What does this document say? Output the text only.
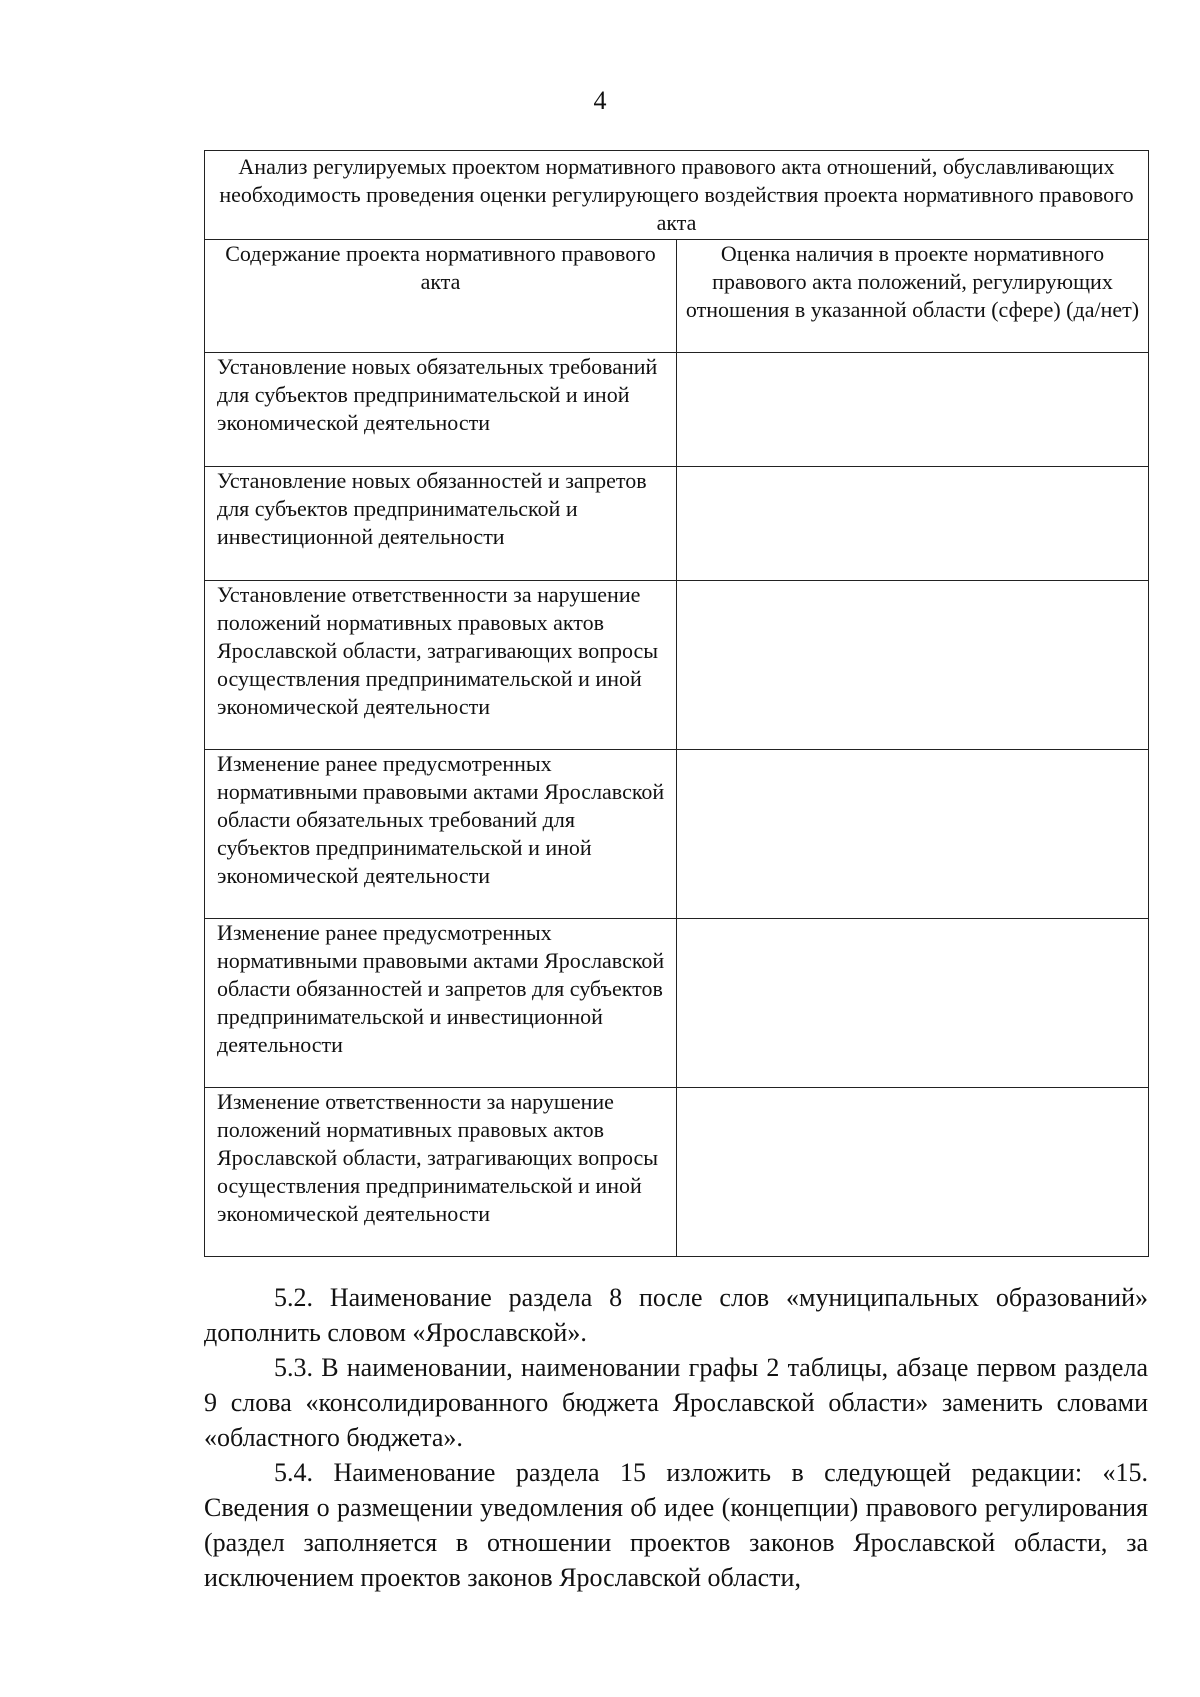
4
Анализ регулируемых проектом нормативного правового акта отношений, обуславливающих необходимость проведения оценки регулирующего воздействия проекта нормативного правового акта	
Содержание проекта нормативного правового акта	Оценка наличия в проекте нормативного правового акта положений, регулирующих отношения в указанной области (сфере) (да/нет)
Установление новых обязательных требований для субъектов предпринимательской и иной экономической деятельности	
Установление новых обязанностей и запретов для субъектов предпринимательской и инвестиционной деятельности	
Установление ответственности за нарушение положений нормативных правовых актов Ярославской области, затрагивающих вопросы осуществления предпринимательской и иной экономической деятельности	
Изменение ранее предусмотренных нормативными правовыми актами Ярославской области обязательных требований для субъектов предпринимательской и иной экономической деятельности	
Изменение ранее предусмотренных нормативными правовыми актами Ярославской области обязанностей и запретов для субъектов предпринимательской и инвестиционной деятельности	
Изменение ответственности за нарушение положений нормативных правовых актов Ярославской области, затрагивающих вопросы осуществления предпринимательской и иной экономической деятельности	

5.2. Наименование раздела 8 после слов «муниципальных образований» дополнить словом «Ярославской».

5.3. В наименовании, наименовании графы 2 таблицы, абзаце первом раздела 9 слова «консолидированного бюджета Ярославской области» заменить словами «областного бюджета».

5.4. Наименование раздела 15 изложить в следующей редакции: «15. Сведения о размещении уведомления об идее (концепции) правового регулирования (раздел заполняется в отношении проектов законов Ярославской области, за исключением проектов законов Ярославской области,
